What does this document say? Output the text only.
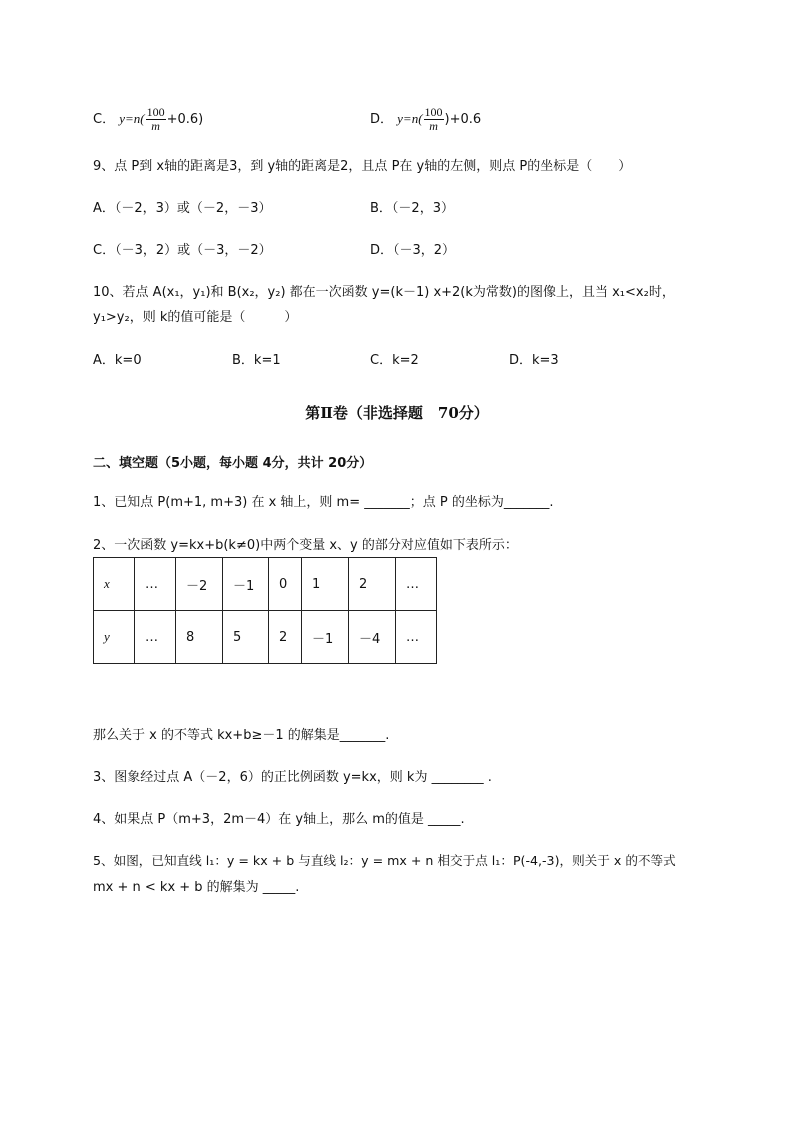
C． $y=n( \frac{100}{m} +0.6)$	D． $y=n( \frac{100}{m} )+0.6$
9、点 P到 x轴的距离是3，到 y轴的距离是2，且点 P在 y轴的左侧，则点 P的坐标是（　　）
A．（－2，3）或（－2，－3）	B．（－2，3）
C．（－3，2）或（－3，－2）	D．（－3，2）
10、若点 A(x₁，y₁)和 B(x₂，y₂) 都在一次函数 y=(k－1) x+2(k为常数)的图像上，且当 x₁<x₂时，
y₁>y₂，则 k的值可能是（　　　）
A．k=0	B．k=1	C．k=2	D．k=3
第Ⅱ卷（非选择题　70分）
二、填空题（5小题，每小题 4分，共计 20分）
1、已知点 P(m+1, m+3) 在 x 轴上，则 m= _______；点 P 的坐标为_______.
2、一次函数 y=kx+b(k≠0)中两个变量 x、y 的部分对应值如下表所示：
x	…	－2	－1	0	1	2	…
y	…	8	5	2	－1	－4	…
那么关于 x 的不等式 kx+b≥－1 的解集是_______.
3、图象经过点 A（－2，6）的正比例函数 y=kx，则 k为 ________ .
4、如果点 P（m+3，2m－4）在 y轴上，那么 m的值是 _____.
5、如图，已知直线 l₁：y = kx + b 与直线 l₂：y = mx + n 相交于点 l₁：P(-4,-3)，则关于 x 的不等式
mx + n < kx + b 的解集为 _____.
